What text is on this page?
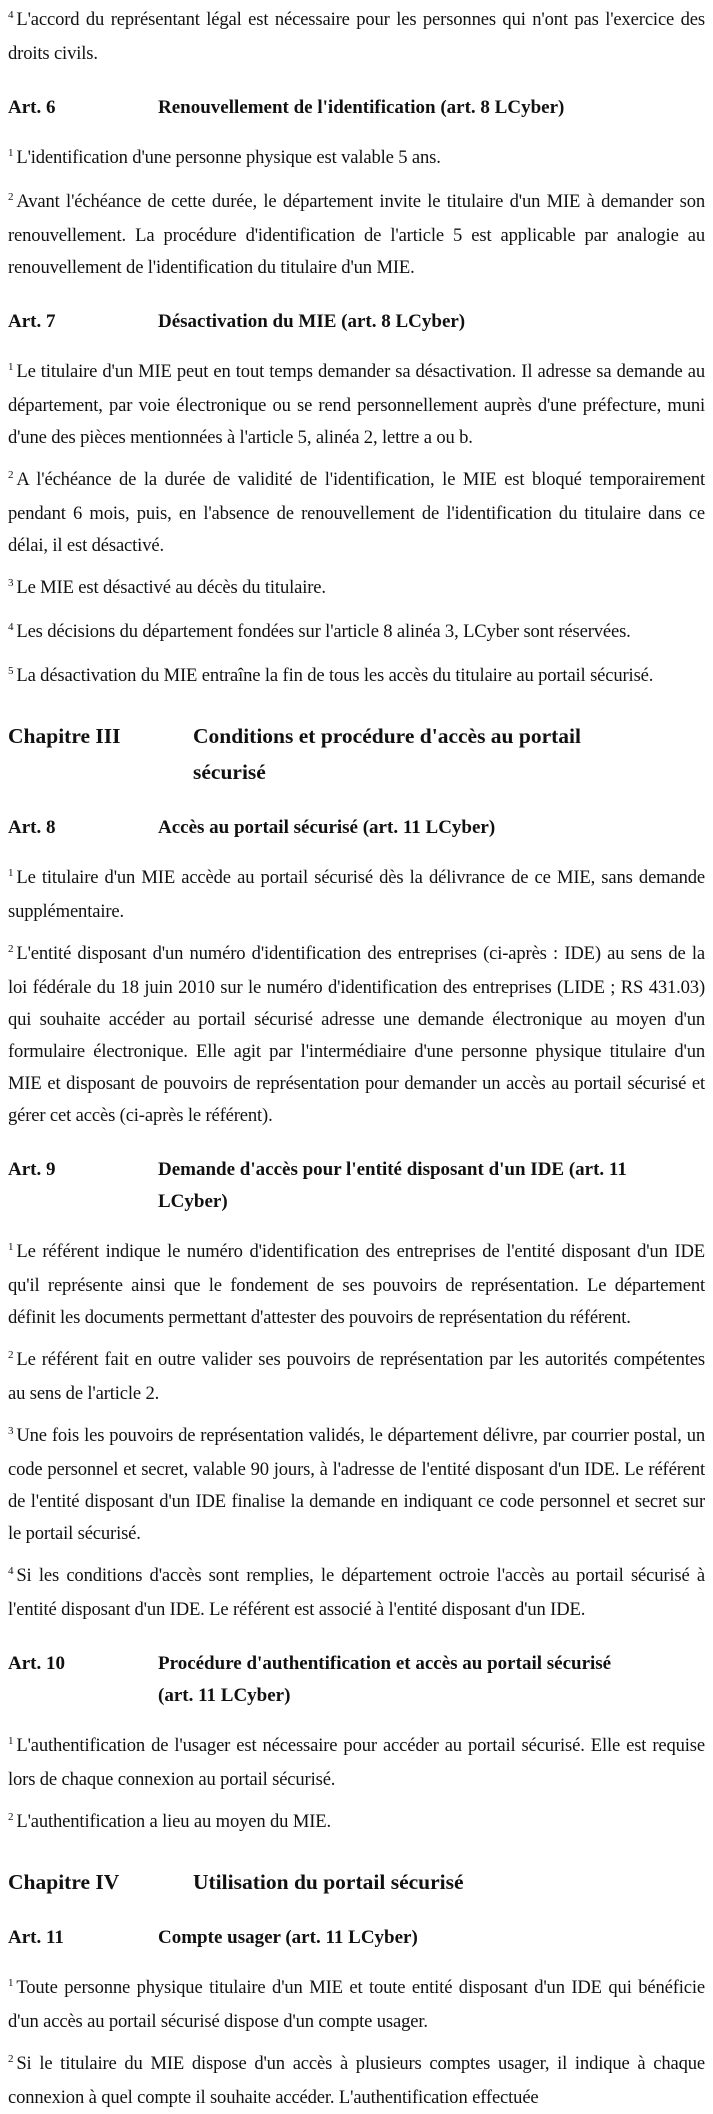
$^4$ L'accord du représentant légal est nécessaire pour les personnes qui n'ont pas l'exercice des droits civils.

Art. 6	Renouvellement de l'identification (art. 8 LCyber)

$^1$ L'identification d'une personne physique est valable 5 ans.

$^2$ Avant l'échéance de cette durée, le département invite le titulaire d'un MIE à demander son renouvellement. La procédure d'identification de l'article 5 est applicable par analogie au renouvellement de l'identification du titulaire d'un MIE.

Art. 7	Désactivation du MIE (art. 8 LCyber)

$^1$ Le titulaire d'un MIE peut en tout temps demander sa désactivation. Il adresse sa demande au département, par voie électronique ou se rend personnellement auprès d'une préfecture, muni d'une des pièces mentionnées à l'article 5, alinéa 2, lettre a ou b.

$^2$ A l'échéance de la durée de validité de l'identification, le MIE est bloqué temporairement pendant 6 mois, puis, en l'absence de renouvellement de l'identification du titulaire dans ce délai, il est désactivé.

$^3$ Le MIE est désactivé au décès du titulaire.

$^4$ Les décisions du département fondées sur l'article 8 alinéa 3, LCyber sont réservées.

$^5$ La désactivation du MIE entraîne la fin de tous les accès du titulaire au portail sécurisé.

Chapitre III	Conditions et procédure d'accès au portail sécurisé
Art. 8	Accès au portail sécurisé (art. 11 LCyber)

$^1$ Le titulaire d'un MIE accède au portail sécurisé dès la délivrance de ce MIE, sans demande supplémentaire.

$^2$ L'entité disposant d'un numéro d'identification des entreprises (ci-après : IDE) au sens de la loi fédérale du 18 juin 2010 sur le numéro d'identification des entreprises (LIDE ; RS 431.03) qui souhaite accéder au portail sécurisé adresse une demande électronique au moyen d'un formulaire électronique. Elle agit par l'intermédiaire d'une personne physique titulaire d'un MIE et disposant de pouvoirs de représentation pour demander un accès au portail sécurisé et gérer cet accès (ci-après le référent).

Art. 9	Demande d'accès pour l'entité disposant d'un IDE (art. 11 LCyber)

$^1$ Le référent indique le numéro d'identification des entreprises de l'entité disposant d'un IDE qu'il représente ainsi que le fondement de ses pouvoirs de représentation. Le département définit les documents permettant d'attester des pouvoirs de représentation du référent.

$^2$ Le référent fait en outre valider ses pouvoirs de représentation par les autorités compétentes au sens de l'article 2.

$^3$ Une fois les pouvoirs de représentation validés, le département délivre, par courrier postal, un code personnel et secret, valable 90 jours, à l'adresse de l'entité disposant d'un IDE. Le référent de l'entité disposant d'un IDE finalise la demande en indiquant ce code personnel et secret sur le portail sécurisé.

$^4$ Si les conditions d'accès sont remplies, le département octroie l'accès au portail sécurisé à l'entité disposant d'un IDE. Le référent est associé à l'entité disposant d'un IDE.

Art. 10	Procédure d'authentification et accès au portail sécurisé (art. 11 LCyber)

$^1$ L'authentification de l'usager est nécessaire pour accéder au portail sécurisé. Elle est requise lors de chaque connexion au portail sécurisé.

$^2$ L'authentification a lieu au moyen du MIE.

Chapitre IV	Utilisation du portail sécurisé
Art. 11	Compte usager (art. 11 LCyber)

$^1$ Toute personne physique titulaire d'un MIE et toute entité disposant d'un IDE qui bénéficie d'un accès au portail sécurisé dispose d'un compte usager.

$^2$ Si le titulaire du MIE dispose d'un accès à plusieurs comptes usager, il indique à chaque connexion à quel compte il souhaite accéder. L'authentification effectuée
